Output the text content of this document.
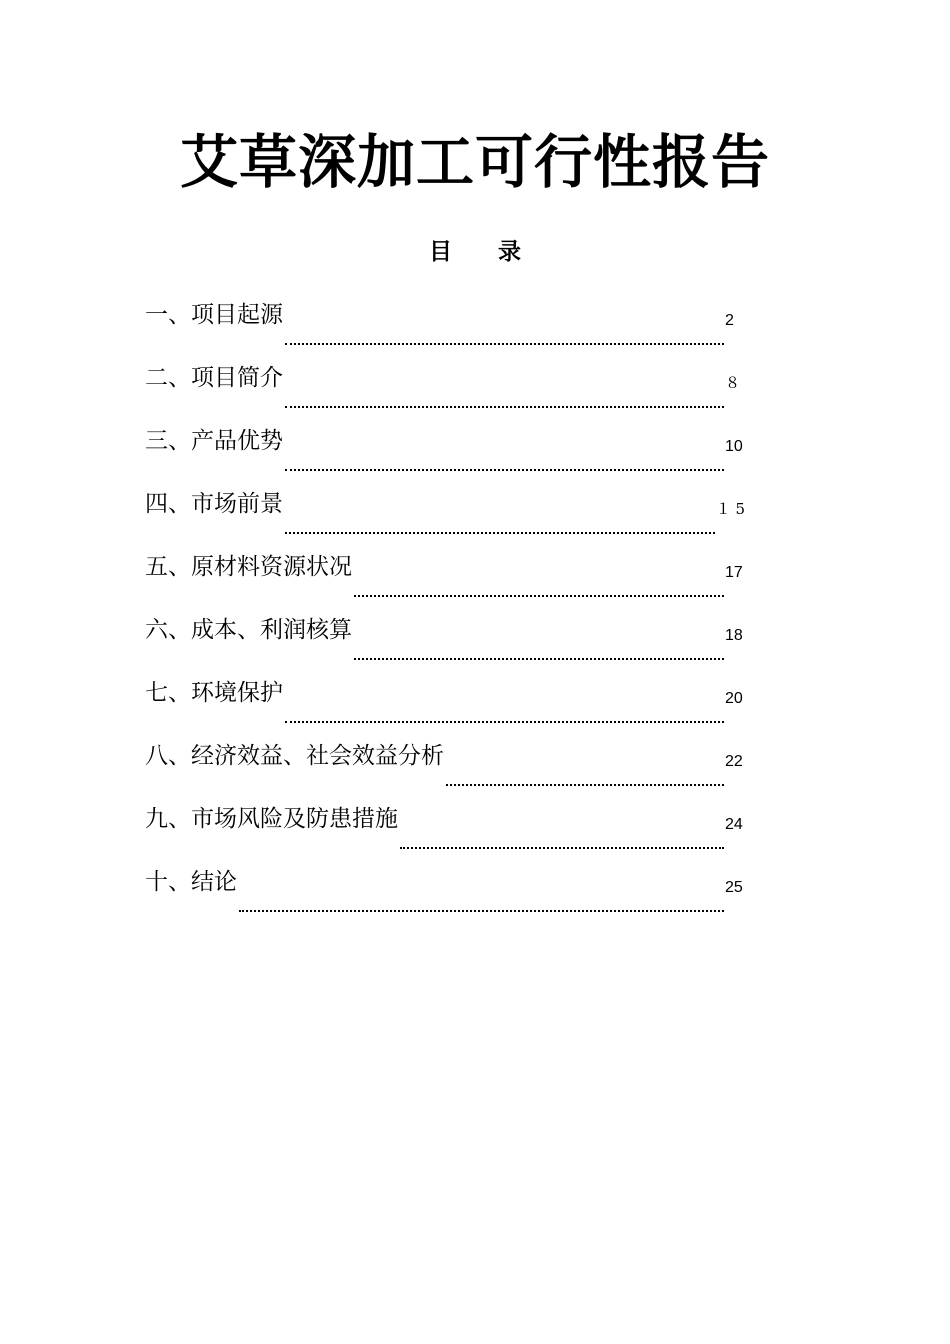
艾草深加工可行性报告
目 录
一、项目起源	2
二、项目简介	８
三、产品优势	10
四、市场前景	１ 5
五、原材料资源状况	17
六、成本、利润核算	18
七、环境保护	20
八、经济效益、社会效益分析	22
九、市场风险及防患措施	24
十、结论	25
